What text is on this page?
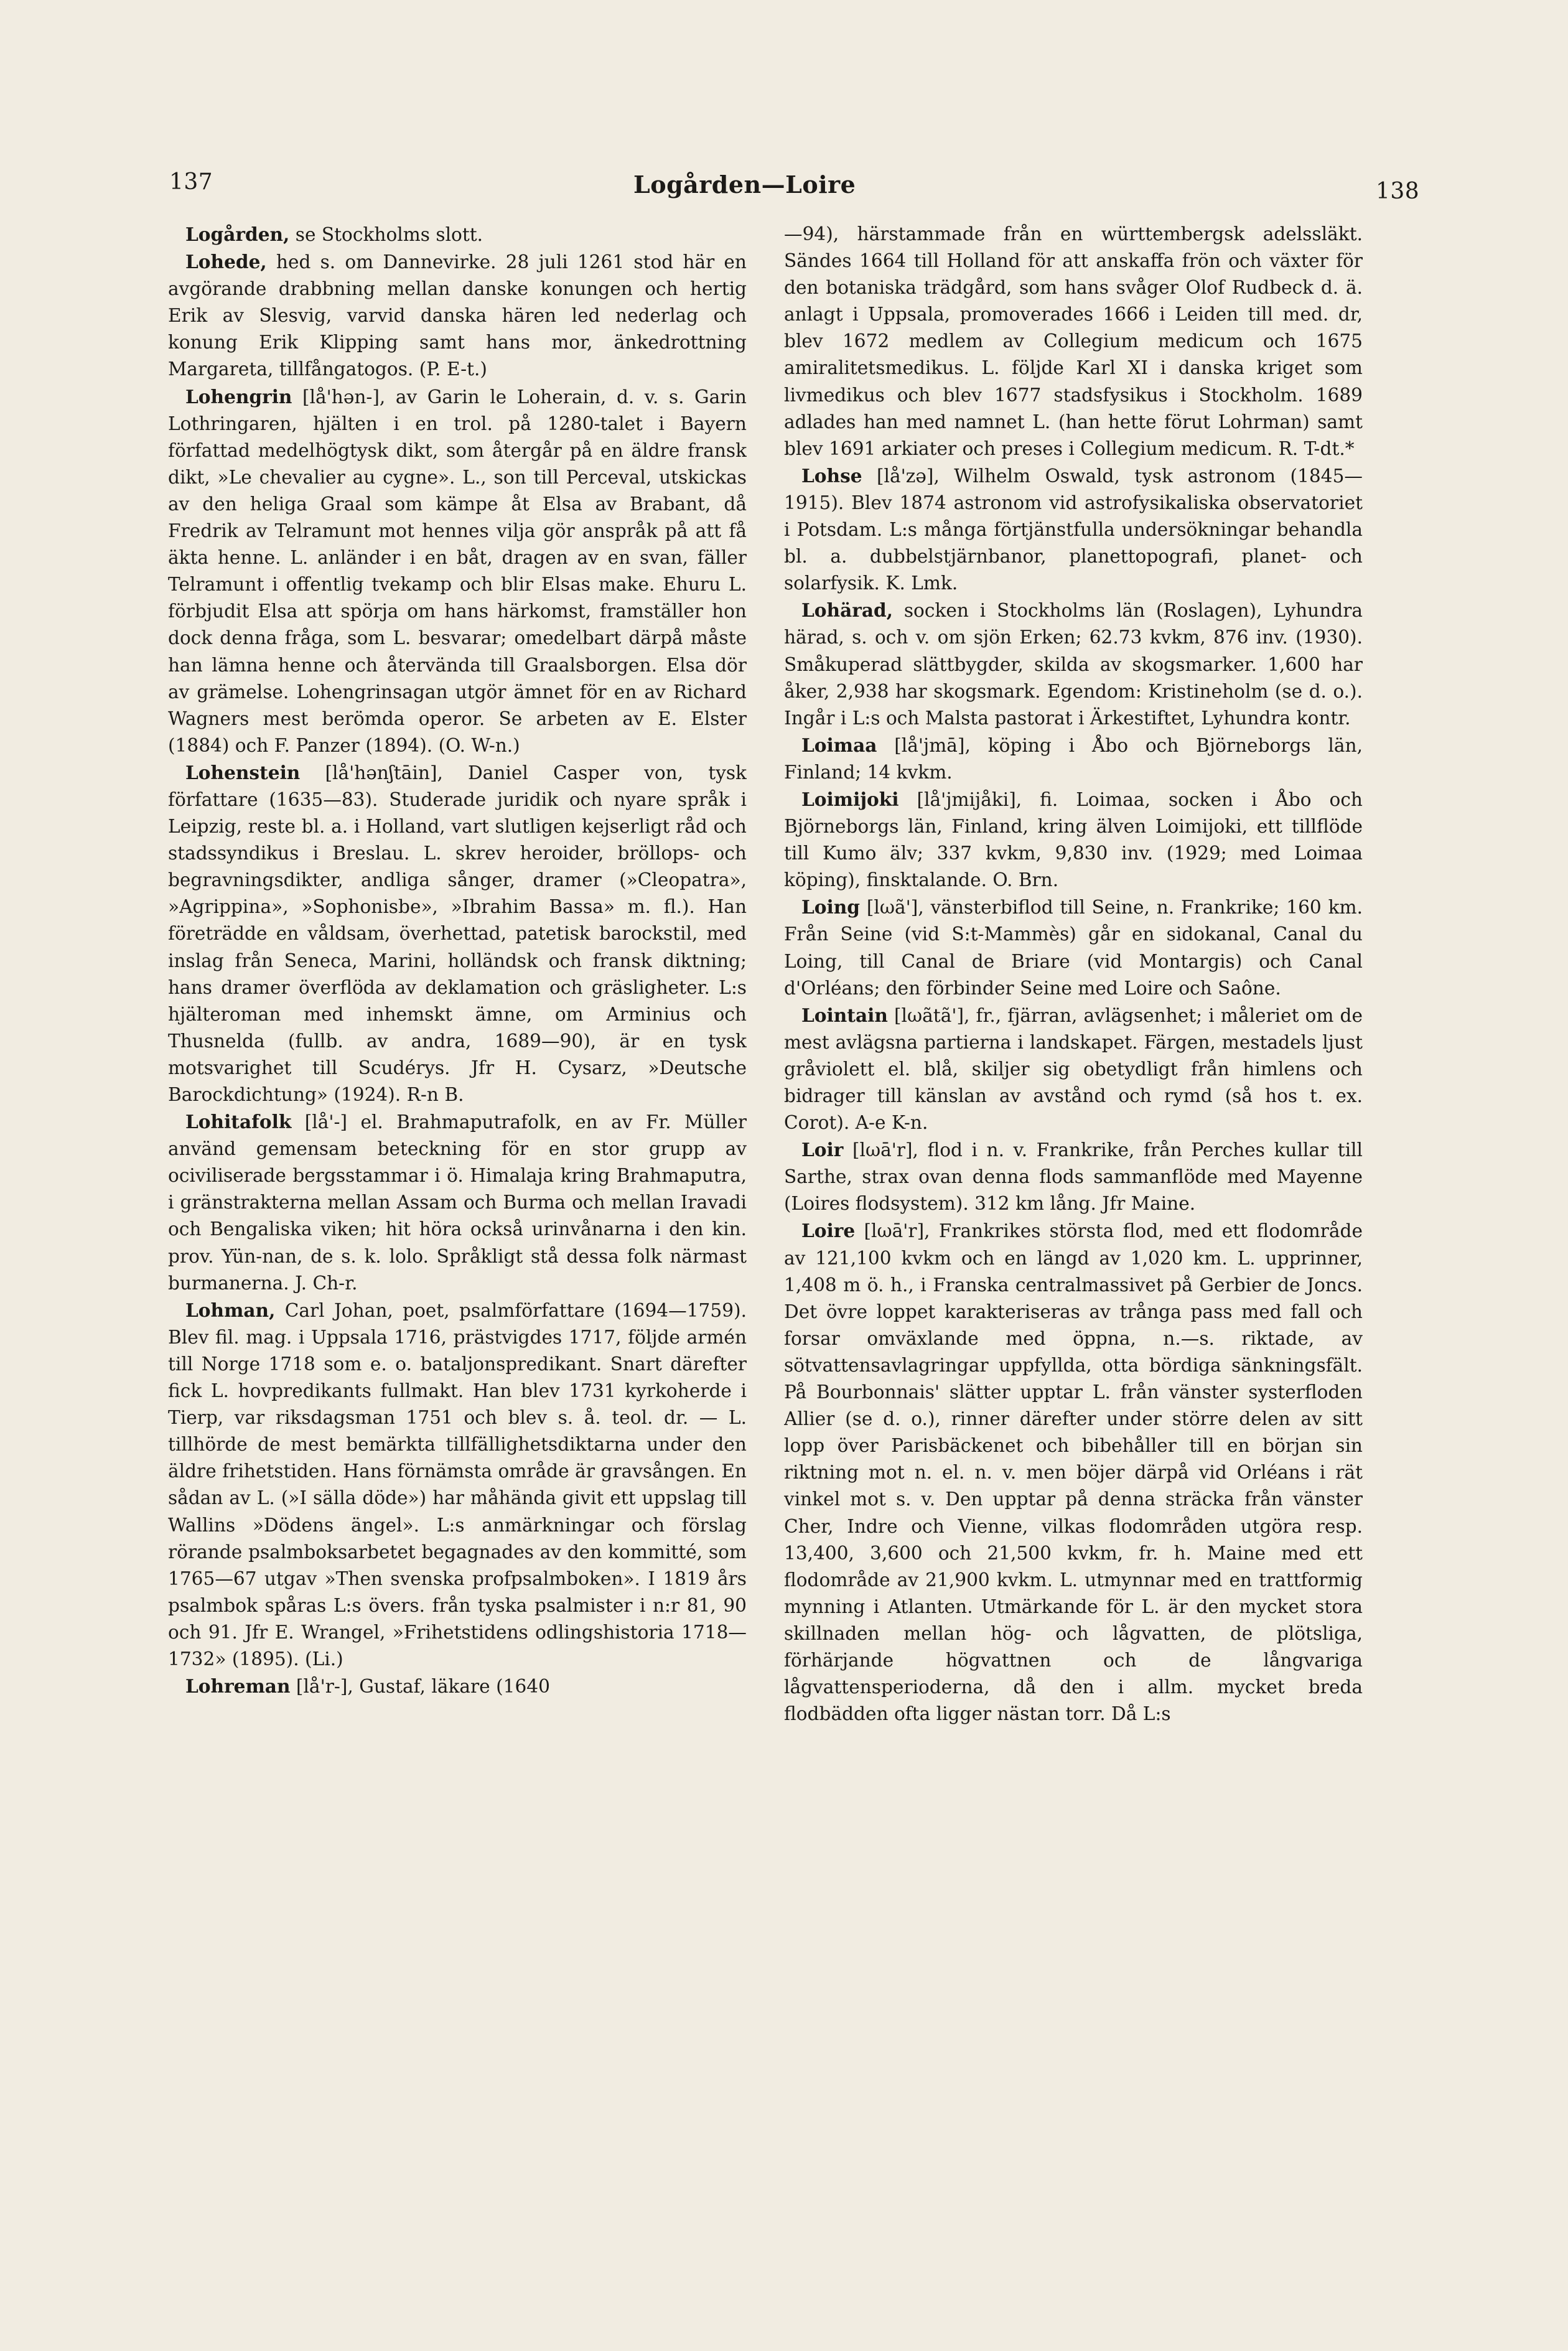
137	Logården—Loire	138

Logården, se Stockholms slott.

Lohede, hed s. om Dannevirke. 28 juli 1261 stod här en avgörande drabbning mellan danske konungen och hertig Erik av Slesvig, varvid danska hären led nederlag och konung Erik Klipping samt hans mor, änkedrottning Margareta, tillfångatogos. (P. E-t.)

Lohengrin [lå'hən-], av Garin le Loherain, d. v. s. Garin Lothringaren, hjälten i en trol. på 1280-talet i Bayern författad medelhögtysk dikt, som återgår på en äldre fransk dikt, »Le chevalier au cygne». L., son till Perceval, utskickas av den heliga Graal som kämpe åt Elsa av Brabant, då Fredrik av Telramunt mot hennes vilja gör anspråk på att få äkta henne. L. anländer i en båt, dragen av en svan, fäller Telramunt i offentlig tvekamp och blir Elsas make. Ehuru L. förbjudit Elsa att spörja om hans härkomst, framställer hon dock denna fråga, som L. besvarar; omedelbart därpå måste han lämna henne och återvända till Graalsborgen. Elsa dör av grämelse. Lohengrinsagan utgör ämnet för en av Richard Wagners mest berömda operor. Se arbeten av E. Elster (1884) och F. Panzer (1894). (O. W-n.)

Lohenstein [lå'hənʃtāin], Daniel Casper von, tysk författare (1635—83). Studerade juridik och nyare språk i Leipzig, reste bl. a. i Holland, vart slutligen kejserligt råd och stadssyndikus i Breslau. L. skrev heroider, bröllops- och begravningsdikter, andliga sånger, dramer (»Cleopatra», »Agrippina», »Sophonisbe», »Ibrahim Bassa» m. fl.). Han företrädde en våldsam, överhettad, patetisk barockstil, med inslag från Seneca, Marini, holländsk och fransk diktning; hans dramer överflöda av deklamation och gräsligheter. L:s hjälteroman med inhemskt ämne, om Arminius och Thusnelda (fullb. av andra, 1689—90), är en tysk motsvarighet till Scudérys. Jfr H. Cysarz, »Deutsche Barockdichtung» (1924). R-n B.

Lohitafolk [lå'-] el. Brahmaputrafolk, en av Fr. Müller använd gemensam beteckning för en stor grupp av ociviliserade bergsstammar i ö. Himalaja kring Brahmaputra, i gränstrakterna mellan Assam och Burma och mellan Iravadi och Bengaliska viken; hit höra också urinvånarna i den kin. prov. Yün-nan, de s. k. lolo. Språkligt stå dessa folk närmast burmanerna. J. Ch-r.

Lohman, Carl Johan, poet, psalmförfattare (1694—1759). Blev fil. mag. i Uppsala 1716, prästvigdes 1717, följde armén till Norge 1718 som e. o. bataljonspredikant. Snart därefter fick L. hovpredikants fullmakt. Han blev 1731 kyrkoherde i Tierp, var riksdagsman 1751 och blev s. å. teol. dr. — L. tillhörde de mest bemärkta tillfällighetsdiktarna under den äldre frihetstiden. Hans förnämsta område är gravsången. En sådan av L. (»I sälla döde») har måhända givit ett uppslag till Wallins »Dödens ängel». L:s anmärkningar och förslag rörande psalmboksarbetet begagnades av den kommitté, som 1765—67 utgav »Then svenska profpsalmboken». I 1819 års psalmbok spåras L:s övers. från tyska psalmister i n:r 81, 90 och 91. Jfr E. Wrangel, »Frihetstidens odlingshistoria 1718—1732» (1895). (Li.)

Lohreman [lå'r-], Gustaf, läkare (1640

—94), härstammade från en württembergsk adelssläkt. Sändes 1664 till Holland för att anskaffa frön och växter för den botaniska trädgård, som hans svåger Olof Rudbeck d. ä. anlagt i Uppsala, promoverades 1666 i Leiden till med. dr, blev 1672 medlem av Collegium medicum och 1675 amiralitetsmedikus. L. följde Karl XI i danska kriget som livmedikus och blev 1677 stadsfysikus i Stockholm. 1689 adlades han med namnet L. (han hette förut Lohrman) samt blev 1691 arkiater och preses i Collegium medicum. R. T-dt.*

Lohse [lå'zə], Wilhelm Oswald, tysk astronom (1845—1915). Blev 1874 astronom vid astrofysikaliska observatoriet i Potsdam. L:s många förtjänstfulla undersökningar behandla bl. a. dubbelstjärnbanor, planettopografi, planet- och solarfysik. K. Lmk.

Lohärad, socken i Stockholms län (Roslagen), Lyhundra härad, s. och v. om sjön Erken; 62.73 kvkm, 876 inv. (1930). Småkuperad slättbygder, skilda av skogsmarker. 1,600 har åker, 2,938 har skogsmark. Egendom: Kristineholm (se d. o.). Ingår i L:s och Malsta pastorat i Ärkestiftet, Lyhundra kontr.

Loimaa [lå'jmā], köping i Åbo och Björneborgs län, Finland; 14 kvkm.

Loimijoki [lå'jmijåki], fi. Loimaa, socken i Åbo och Björneborgs län, Finland, kring älven Loimijoki, ett tillflöde till Kumo älv; 337 kvkm, 9,830 inv. (1929; med Loimaa köping), finsktalande. O. Brn.

Loing [lωã'], vänsterbiflod till Seine, n. Frankrike; 160 km. Från Seine (vid S:t-Mammès) går en sidokanal, Canal du Loing, till Canal de Briare (vid Montargis) och Canal d'Orléans; den förbinder Seine med Loire och Saône.

Lointain [lωãtã'], fr., fjärran, avlägsenhet; i måleriet om de mest avlägsna partierna i landskapet. Färgen, mestadels ljust gråviolett el. blå, skiljer sig obetydligt från himlens och bidrager till känslan av avstånd och rymd (så hos t. ex. Corot). A-e K-n.

Loir [lωā'r], flod i n. v. Frankrike, från Perches kullar till Sarthe, strax ovan denna flods sammanflöde med Mayenne (Loires flodsystem). 312 km lång. Jfr Maine.

Loire [lωā'r], Frankrikes största flod, med ett flodområde av 121,100 kvkm och en längd av 1,020 km. L. upprinner, 1,408 m ö. h., i Franska centralmassivet på Gerbier de Joncs. Det övre loppet karakteriseras av trånga pass med fall och forsar omväxlande med öppna, n.—s. riktade, av sötvattensavlagringar uppfyllda, otta bördiga sänkningsfält. På Bourbonnais' slätter upptar L. från vänster systerfloden Allier (se d. o.), rinner därefter under större delen av sitt lopp över Parisbäckenet och bibehåller till en början sin riktning mot n. el. n. v. men böjer därpå vid Orléans i rät vinkel mot s. v. Den upptar på denna sträcka från vänster Cher, Indre och Vienne, vilkas flodområden utgöra resp. 13,400, 3,600 och 21,500 kvkm, fr. h. Maine med ett flodområde av 21,900 kvkm. L. utmynnar med en trattformig mynning i Atlanten. Utmärkande för L. är den mycket stora skillnaden mellan hög- och lågvatten, de plötsliga, förhärjande högvattnen och de långvariga lågvattensperioderna, då den i allm. mycket breda flodbädden ofta ligger nästan torr. Då L:s
